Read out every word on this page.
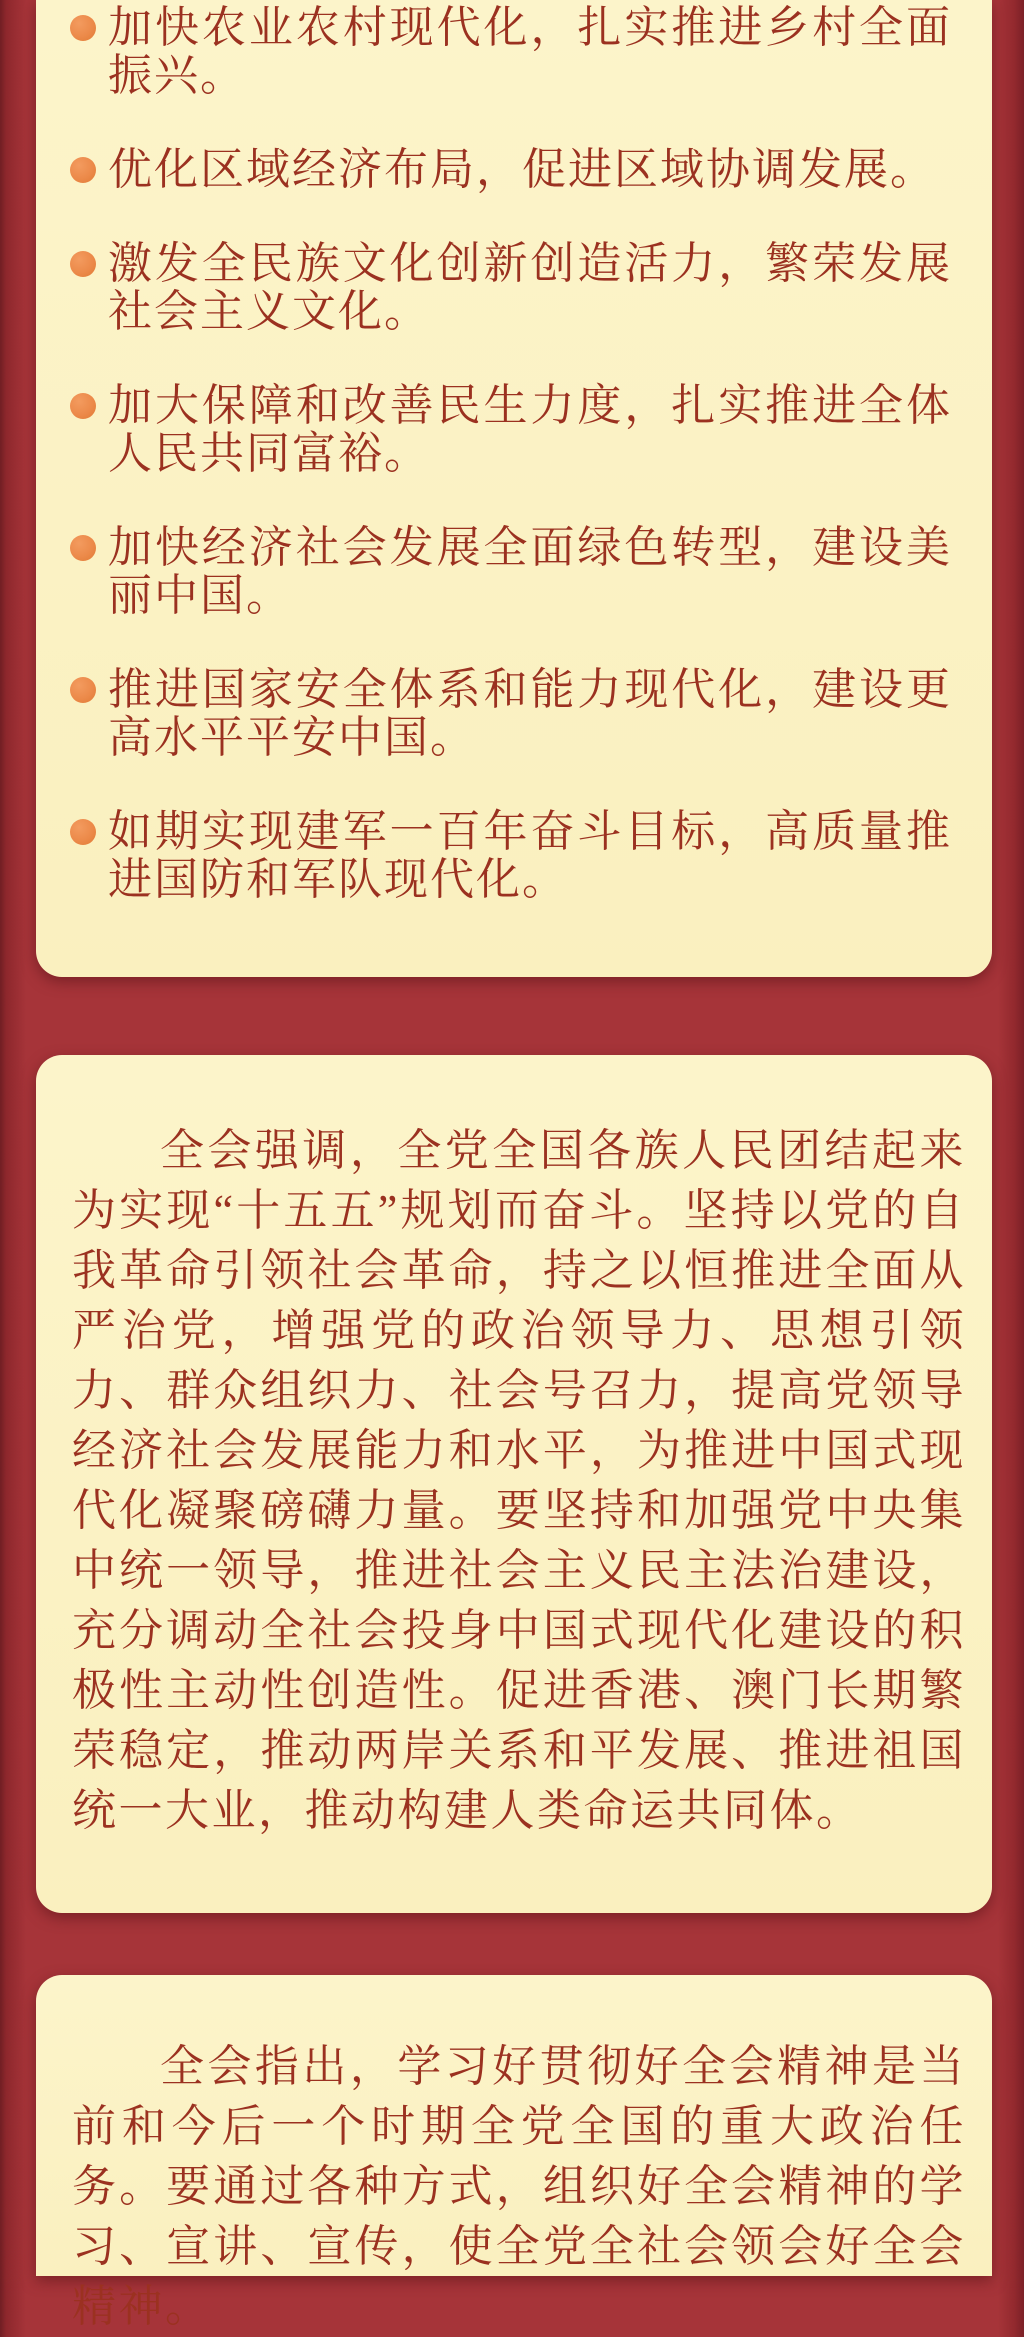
加快农业农村现代化，扎实推进乡村全面振兴。
优化区域经济布局，促进区域协调发展。
激发全民族文化创新创造活力，繁荣发展社会主义文化。
加大保障和改善民生力度，扎实推进全体人民共同富裕。
加快经济社会发展全面绿色转型，建设美丽中国。
推进国家安全体系和能力现代化，建设更高水平平安中国。
如期实现建军一百年奋斗目标，高质量推进国防和军队现代化。

全会强调，全党全国各族人民团结起来为实现“十五五”规划而奋斗。坚持以党的自我革命引领社会革命，持之以恒推进全面从严治党，增强党的政治领导力、思想引领力、群众组织力、社会号召力，提高党领导经济社会发展能力和水平，为推进中国式现代化凝聚磅礴力量。要坚持和加强党中央集中统一领导，推进社会主义民主法治建设，充分调动全社会投身中国式现代化建设的积极性主动性创造性。促进香港、澳门长期繁荣稳定，推动两岸关系和平发展、推进祖国统一大业，推动构建人类命运共同体。

全会指出，学习好贯彻好全会精神是当前和今后一个时期全党全国的重大政治任务。要通过各种方式，组织好全会精神的学习、宣讲、宣传，使全党全社会领会好全会精神。
